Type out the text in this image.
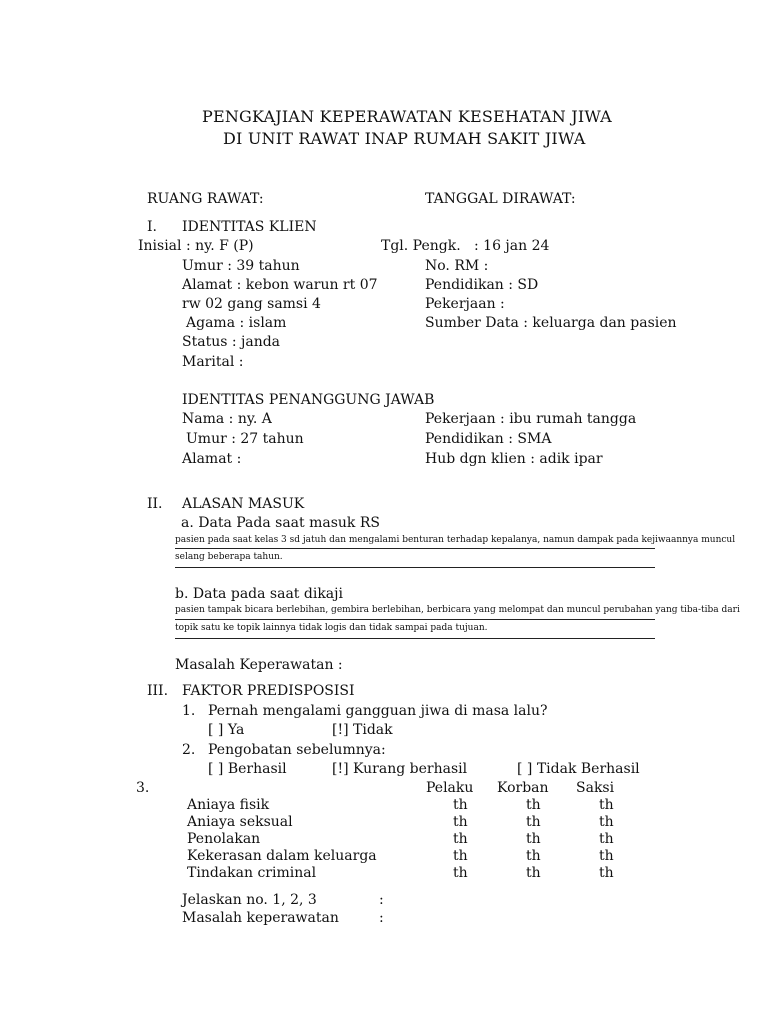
PENGKAJIAN KEPERAWATAN KESEHATAN JIWA
DI UNIT RAWAT INAP RUMAH SAKIT JIWA
RUANG RAWAT:	TANGGAL DIRAWAT:
I. IDENTITAS KLIEN
Inisial : ny. F (P)	Tgl. Pengk. : 16 jan 24
Umur : 39 tahun	No. RM :
Alamat : kebon warun rt 07	Pendidikan : SD
rw 02 gang samsi 4	Pekerjaan :
Agama : islam	Sumber Data : keluarga dan pasien
Status : janda
Marital :
IDENTITAS PENANGGUNG JAWAB
Nama : ny. A	Pekerjaan : ibu rumah tangga
Umur : 27 tahun	Pendidikan : SMA
Alamat :	Hub dgn klien : adik ipar
II. ALASAN MASUK
a. Data Pada saat masuk RS
pasien pada saat kelas 3 sd jatuh dan mengalami benturan terhadap kepalanya, namun dampak pada kejiwaannya muncul
selang beberapa tahun.
b. Data pada saat dikaji
pasien tampak bicara berlebihan, gembira berlebihan, berbicara yang melompat dan muncul perubahan yang tiba-tiba dari
topik satu ke topik lainnya tidak logis dan tidak sampai pada tujuan.
Masalah Keperawatan :
III. FAKTOR PREDISPOSISI
1. Pernah mengalami gangguan jiwa di masa lalu?
[ ] Ya	[!] Tidak
2. Pengobatan sebelumnya:
[ ] Berhasil	[!] Kurang berhasil	[ ] Tidak Berhasil
3.	Pelaku Korban Saksi
Aniaya fisik	th	th	th
Aniaya seksual	th	th	th
Penolakan	th	th	th
Kekerasan dalam keluarga	th	th	th
Tindakan criminal	th	th	th
Jelaskan no. 1, 2, 3	:
Masalah keperawatan	:
